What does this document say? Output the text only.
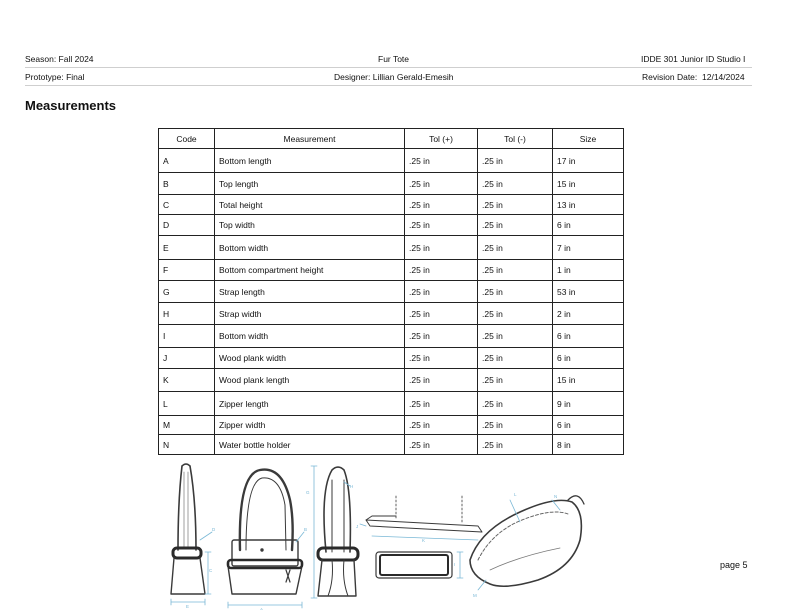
Season: Fall 2024	Fur Tote	IDDE 301 Junior ID Studio I
Prototype: Final	Designer: Lillian Gerald-Emesih	Revision Date: 12/14/2024
Measurements
Code	Measurement	Tol (+)	Tol (-)	Size
A	Bottom length	.25 in	.25 in	17 in
B	Top length	.25 in	.25 in	15 in
C	Total height	.25 in	.25 in	13 in
D	Top width	.25 in	.25 in	6 in
E	Bottom width	.25 in	.25 in	7 in
F	Bottom compartment height	.25 in	.25 in	1 in
G	Strap length	.25 in	.25 in	53 in
H	Strap width	.25 in	.25 in	2 in
I	Bottom width	.25 in	.25 in	6 in
J	Wood plank width	.25 in	.25 in	6 in
K	Wood plank length	.25 in	.25 in	15 in
L	Zipper length	.25 in	.25 in	9 in
M	Zipper width	.25 in	.25 in	6 in
N	Water bottle holder	.25 in	.25 in	8 in
E
C
D
A
B
G
H
I
J
K
L	N
M
page 5
